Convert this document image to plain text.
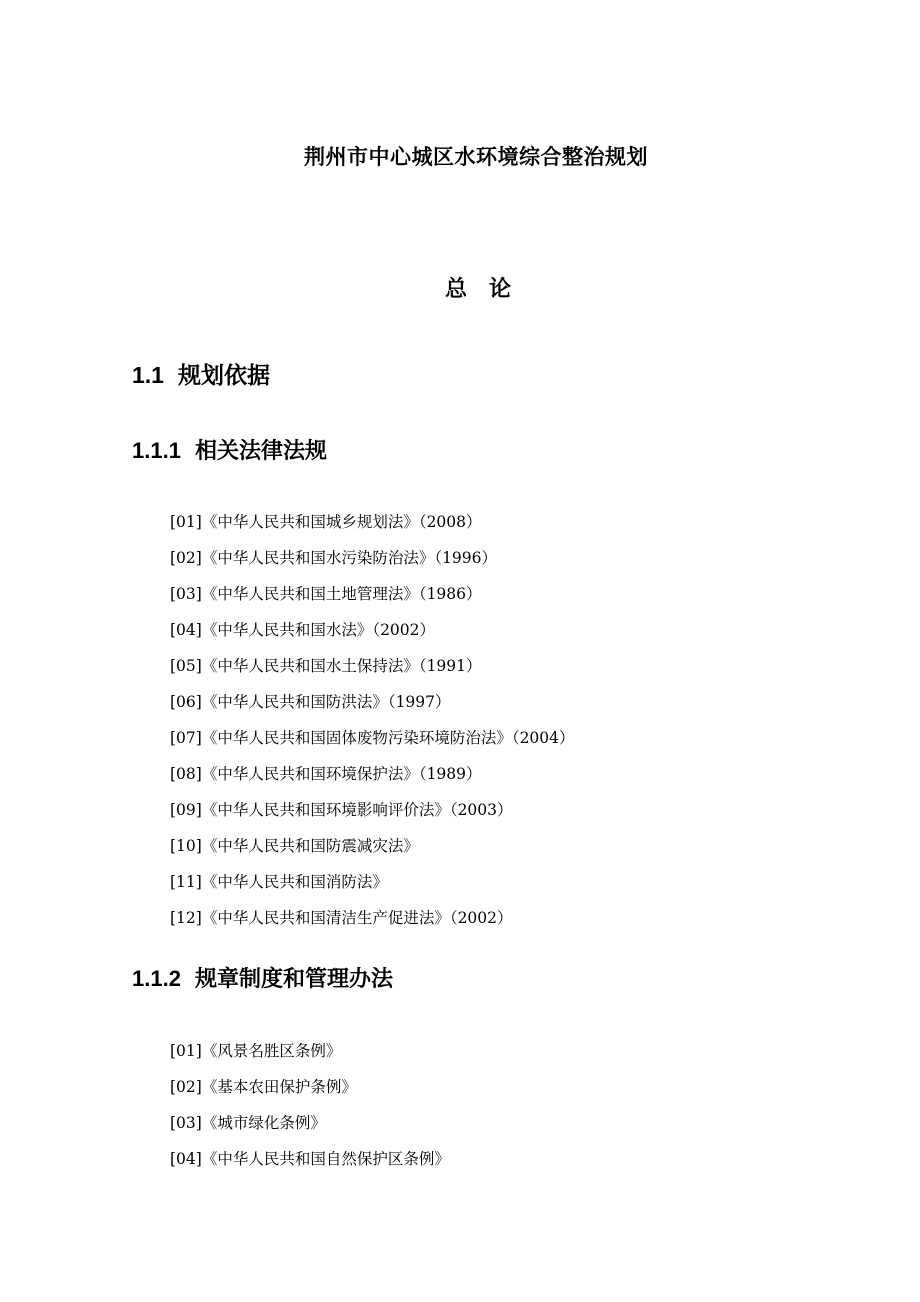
荆州市中心城区水环境综合整治规划
总 论
1.1 规划依据
1.1.1 相关法律法规
[01]《中华人民共和国城乡规划法》（2008）
[02]《中华人民共和国水污染防治法》（1996）
[03]《中华人民共和国土地管理法》（1986）
[04]《中华人民共和国水法》（2002）
[05]《中华人民共和国水土保持法》（1991）
[06]《中华人民共和国防洪法》（1997）
[07]《中华人民共和国固体废物污染环境防治法》（2004）
[08]《中华人民共和国环境保护法》（1989）
[09]《中华人民共和国环境影响评价法》（2003）
[10]《中华人民共和国防震减灾法》
[11]《中华人民共和国消防法》
[12]《中华人民共和国清洁生产促进法》（2002）
1.1.2 规章制度和管理办法
[01]《风景名胜区条例》
[02]《基本农田保护条例》
[03]《城市绿化条例》
[04]《中华人民共和国自然保护区条例》
